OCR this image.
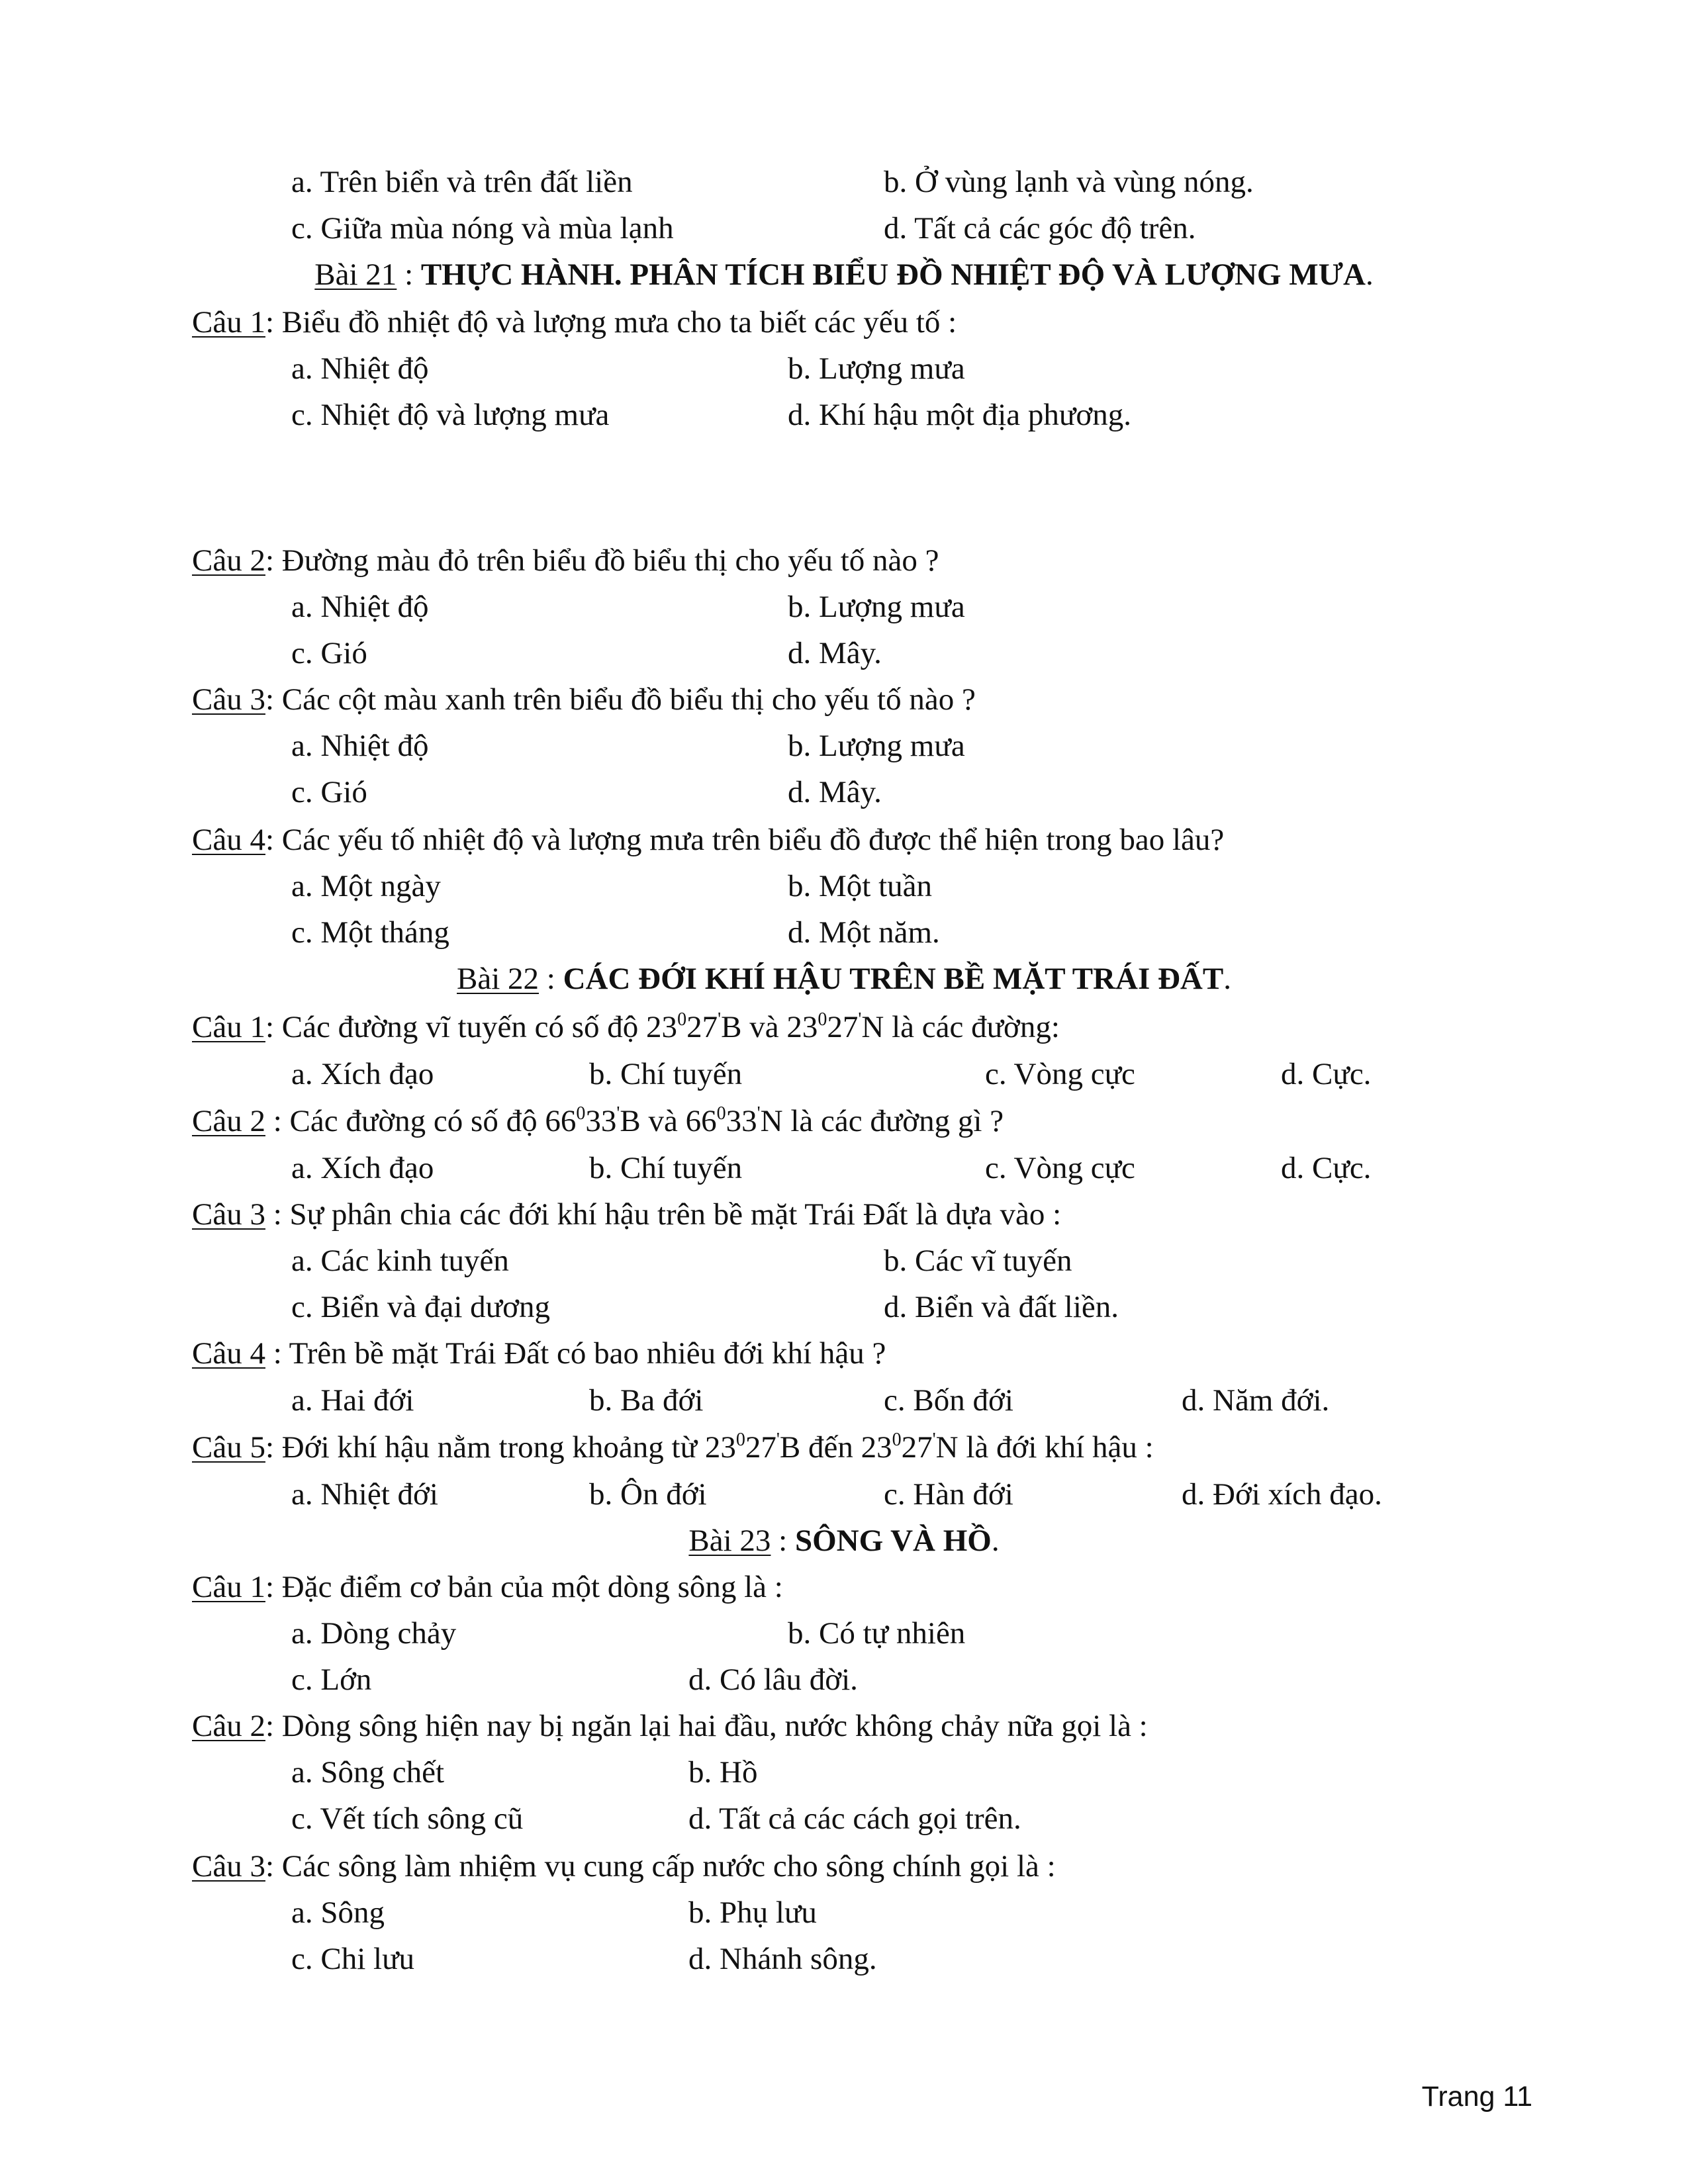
a. Trên biển và trên đất liền	b. Ở vùng lạnh và vùng nóng.
c. Giữa mùa nóng và mùa lạnh	d. Tất cả các góc độ trên.
Bài 21 : THỰC HÀNH. PHÂN TÍCH BIỂU ĐỒ NHIỆT ĐỘ VÀ LƯỢNG MƯA.
Câu 1: Biểu đồ nhiệt độ và lượng mưa cho ta biết các yếu tố :
a. Nhiệt độ	b. Lượng mưa
c. Nhiệt độ và lượng mưa	d. Khí hậu một địa phương.
Câu 2: Đường màu đỏ trên biểu đồ biểu thị cho yếu tố nào ?
a. Nhiệt độ	b. Lượng mưa
c. Gió	d. Mây.
Câu 3: Các cột màu xanh trên biểu đồ biểu thị cho yếu tố nào ?
a. Nhiệt độ	b. Lượng mưa
c. Gió	d. Mây.
Câu 4: Các yếu tố nhiệt độ và lượng mưa trên biểu đồ được thể hiện trong bao lâu?
a. Một ngày	b. Một tuần
c. Một tháng	d. Một năm.
Bài 22 : CÁC ĐỚI KHÍ HẬU TRÊN BỀ MẶT TRÁI ĐẤT.
Câu 1: Các đường vĩ tuyến có số độ $23^027'B$ và $23^027'N$ là các đường:
a. Xích đạo	b. Chí tuyến	c. Vòng cực	d. Cực.
Câu 2 : Các đường có số độ $66^033'B$ và $66^033'N$ là các đường gì ?
a. Xích đạo	b. Chí tuyến	c. Vòng cực	d. Cực.
Câu 3 : Sự phân chia các đới khí hậu trên bề mặt Trái Đất là dựa vào :
a. Các kinh tuyến	b. Các vĩ tuyến
c. Biển và đại dương	d. Biển và đất liền.
Câu 4 : Trên bề mặt Trái Đất có bao nhiêu đới khí hậu ?
a. Hai đới	b. Ba đới	c. Bốn đới	d. Năm đới.
Câu 5: Đới khí hậu nằm trong khoảng từ $23^027'B$ đến $23^027'N$ là đới khí hậu :
a. Nhiệt đới	b. Ôn đới	c. Hàn đới	d. Đới xích đạo.
Bài 23 : SÔNG VÀ HỒ.
Câu 1: Đặc điểm cơ bản của một dòng sông là :
a. Dòng chảy	b. Có tự nhiên
c. Lớn	d. Có lâu đời.
Câu 2: Dòng sông hiện nay bị ngăn lại hai đầu, nước không chảy nữa gọi là :
a. Sông chết	b. Hồ
c. Vết tích sông cũ	d. Tất cả các cách gọi trên.
Câu 3: Các sông làm nhiệm vụ cung cấp nước cho sông chính gọi là :
a. Sông	b. Phụ lưu
c. Chi lưu	d. Nhánh sông.
Trang 11
